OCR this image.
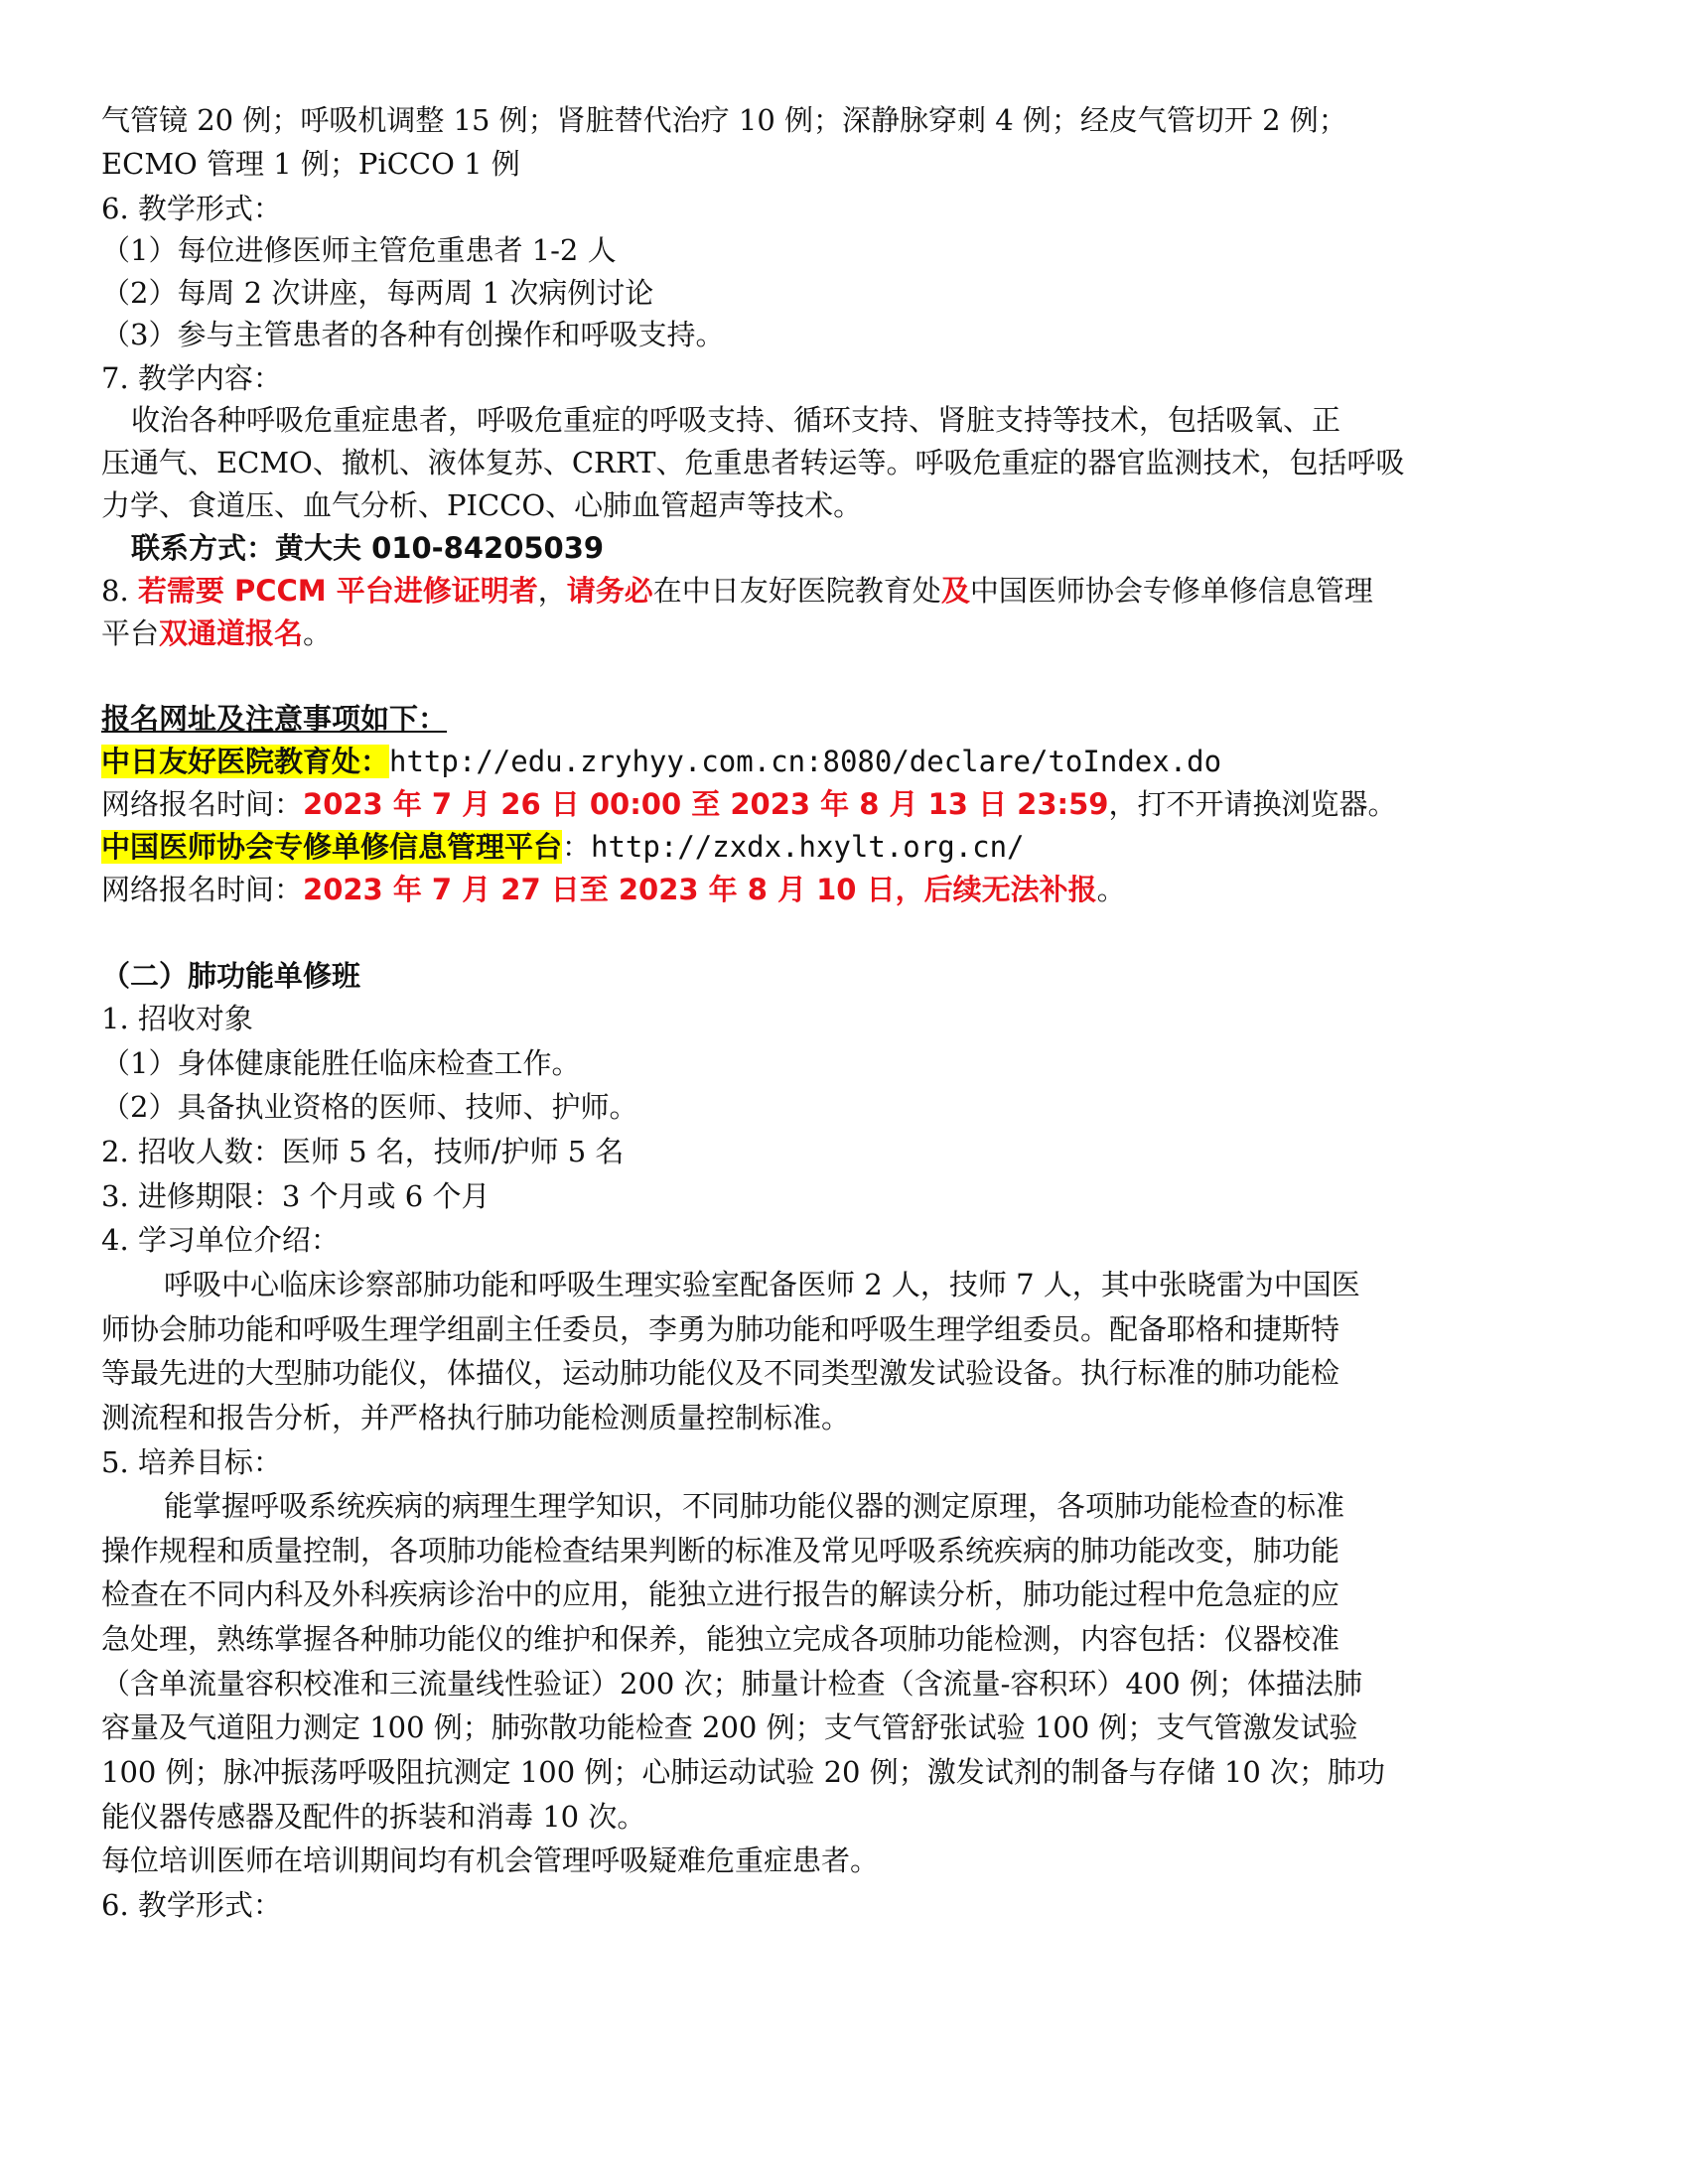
气管镜 20 例；呼吸机调整 15 例；肾脏替代治疗 10 例；深静脉穿刺 4 例；经皮气管切开 2 例；
ECMO 管理 1 例；PiCCO 1 例
6. 教学形式：
（1）每位进修医师主管危重患者 1-2 人
（2）每周 2 次讲座，每两周 1 次病例讨论
（3）参与主管患者的各种有创操作和呼吸支持。
7. 教学内容：
收治各种呼吸危重症患者，呼吸危重症的呼吸支持、循环支持、肾脏支持等技术，包括吸氧、正
压通气、ECMO、撤机、液体复苏、CRRT、危重患者转运等。呼吸危重症的器官监测技术，包括呼吸
力学、食道压、血气分析、PICCO、心肺血管超声等技术。
联系方式：黄大夫 010-84205039
8. 若需要 PCCM 平台进修证明者，请务必在中日友好医院教育处及中国医师协会专修单修信息管理
平台双通道报名。
报名网址及注意事项如下：
中日友好医院教育处：http://edu.zryhyy.com.cn:8080/declare/toIndex.do
网络报名时间：2023 年 7 月 26 日 00:00 至 2023 年 8 月 13 日 23:59，打不开请换浏览器。
中国医师协会专修单修信息管理平台：http://zxdx.hxylt.org.cn/
网络报名时间：2023 年 7 月 27 日至 2023 年 8 月 10 日，后续无法补报。
（二）肺功能单修班
1. 招收对象
（1）身体健康能胜任临床检查工作。
（2）具备执业资格的医师、技师、护师。
2. 招收人数：医师 5 名，技师/护师 5 名
3. 进修期限：3 个月或 6 个月
4. 学习单位介绍：
呼吸中心临床诊察部肺功能和呼吸生理实验室配备医师 2 人，技师 7 人，其中张晓雷为中国医
师协会肺功能和呼吸生理学组副主任委员，李勇为肺功能和呼吸生理学组委员。配备耶格和捷斯特
等最先进的大型肺功能仪，体描仪，运动肺功能仪及不同类型激发试验设备。执行标准的肺功能检
测流程和报告分析，并严格执行肺功能检测质量控制标准。
5. 培养目标：
能掌握呼吸系统疾病的病理生理学知识，不同肺功能仪器的测定原理，各项肺功能检查的标准
操作规程和质量控制，各项肺功能检查结果判断的标准及常见呼吸系统疾病的肺功能改变，肺功能
检查在不同内科及外科疾病诊治中的应用，能独立进行报告的解读分析，肺功能过程中危急症的应
急处理，熟练掌握各种肺功能仪的维护和保养，能独立完成各项肺功能检测，内容包括：仪器校准
（含单流量容积校准和三流量线性验证）200 次；肺量计检查（含流量-容积环）400 例；体描法肺
容量及气道阻力测定 100 例；肺弥散功能检查 200 例；支气管舒张试验 100 例；支气管激发试验
100 例；脉冲振荡呼吸阻抗测定 100 例；心肺运动试验 20 例；激发试剂的制备与存储 10 次；肺功
能仪器传感器及配件的拆装和消毒 10 次。
每位培训医师在培训期间均有机会管理呼吸疑难危重症患者。
6. 教学形式：
